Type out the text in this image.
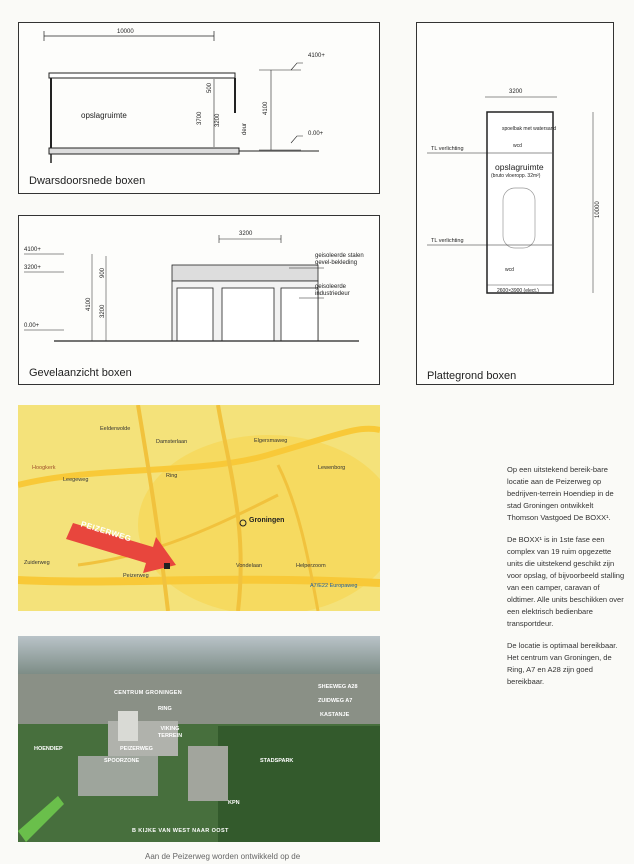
10000
opslagruimte
500
3700 3200
deur
4100
4100+
0.00+
Dwarsdoorsnede boxen
3200
4100+
3200+
0.00+
4100
900
3200
geisoleerde stalen gevel-bekleding
geisoleerde industriedeur
Gevelaanzicht boxen
3200
10000
spoelbak met watersand
wcd
TL verlichting
opslagruimte
(bruto vloeropp. 32m²)
TL verlichting
wcd
2600×3900 (elect.)
Plattegrond boxen
Hoogkerk
Eelderwolde
Leegeweg
Zuiderweg
Peizerweg
Damsterlaan
Ring
Elgersmaweg
Groningen
Vondelaan	Helperzoom
A7/E22 Europaweg
Lewenborg
PEIZERWEG
CENTRUM GRONINGEN
RING
SHEEWEG A28
ZUIDWEG A7
KASTANJE
VIKING TERREIN
PEIZERWEG
HOENDIEP
SPOORZONE	STADSPARK
KPN
B KIJKE VAN WEST NAAR OOST

Op een uitstekend bereik-bare locatie aan de Peizerweg op bedrijven-terrein Hoendiep in de stad Groningen ontwikkelt Thomson Vastgoed De BOXX¹.

De BOXX¹ is in 1ste fase een complex van 19 ruim opgezette units die uitstekend geschikt zijn voor opslag, of bijvoorbeeld stalling van een camper, caravan of oldtimer. Alle units beschikken over een elektrisch bedienbare transportdeur.

De locatie is optimaal bereikbaar. Het centrum van Groningen, de Ring, A7 en A28 zijn goed bereikbaar.

Aan de Peizerweg worden ontwikkeld op de
